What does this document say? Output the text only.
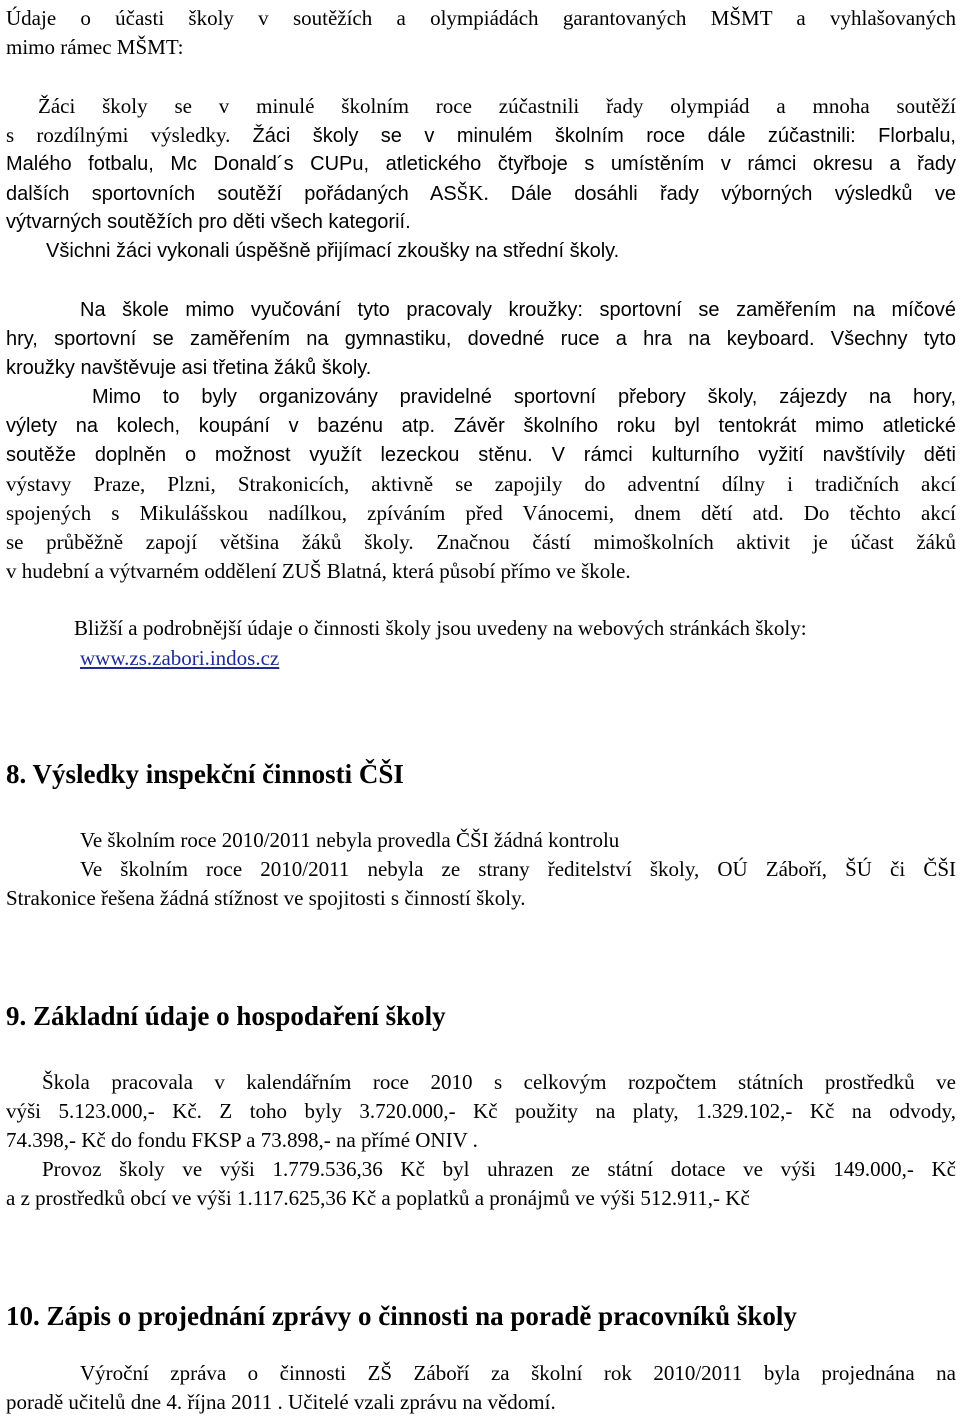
Údaje o účasti školy v soutěžích a olympiádách garantovaných MŠMT a vyhlašovaných
mimo rámec MŠMT:
Žáci školy se v minulé školním roce zúčastnili řady olympiád a mnoha soutěží
s rozdílnými výsledky. Žáci školy se v minulém školním roce dále zúčastnili: Florbalu,
Malého fotbalu, Mc Donald´s CUPu, atletického čtyřboje s umístěním v rámci okresu a řady
dalších sportovních soutěží pořádaných ASŠK. Dále dosáhli řady výborných výsledků ve
výtvarných soutěžích pro děti všech kategorií.
Všichni žáci vykonali úspěšně přijímací zkoušky na střední školy.
Na škole mimo vyučování tyto pracovaly kroužky: sportovní se zaměřením na míčové
hry, sportovní se zaměřením na gymnastiku, dovedné ruce a hra na keyboard. Všechny tyto
kroužky navštěvuje asi třetina žáků školy.
Mimo to byly organizovány pravidelné sportovní přebory školy, zájezdy na hory,
výlety na kolech, koupání v bazénu atp. Závěr školního roku byl tentokrát mimo atletické
soutěže doplněn o možnost využít lezeckou stěnu. V rámci kulturního vyžití navštívily děti
výstavy Praze, Plzni, Strakonicích, aktivně se zapojily do adventní dílny i tradičních akcí
spojených s Mikulášskou nadílkou, zpíváním před Vánocemi, dnem dětí atd. Do těchto akcí
se průběžně zapojí většina žáků školy. Značnou částí mimoškolních aktivit je účast žáků
v hudební a výtvarném oddělení ZUŠ Blatná, která působí přímo ve škole.
Bližší a podrobnější údaje o činnosti školy jsou uvedeny na webových stránkách školy:
www.zs.zabori.indos.cz
8. Výsledky inspekční činnosti ČŠI
Ve školním roce 2010/2011 nebyla provedla ČŠI žádná kontrolu
Ve školním roce 2010/2011 nebyla ze strany ředitelství školy, OÚ Záboří, ŠÚ či ČŠI
Strakonice řešena žádná stížnost ve spojitosti s činností školy.
9. Základní údaje o hospodaření školy
Škola pracovala v kalendářním roce 2010 s celkovým rozpočtem státních prostředků ve
výši 5.123.000,- Kč. Z toho byly 3.720.000,- Kč použity na platy, 1.329.102,- Kč na odvody,
74.398,- Kč do fondu FKSP a 73.898,- na přímé ONIV .
Provoz školy ve výši 1.779.536,36 Kč byl uhrazen ze státní dotace ve výši 149.000,- Kč
a z prostředků obcí ve výši 1.117.625,36 Kč a poplatků a pronájmů ve výši 512.911,- Kč
10. Zápis o projednání zprávy o činnosti na poradě pracovníků školy
Výroční zpráva o činnosti ZŠ Záboří za školní rok 2010/2011 byla projednána na
poradě učitelů dne 4. října 2011 . Učitelé vzali zprávu na vědomí.
